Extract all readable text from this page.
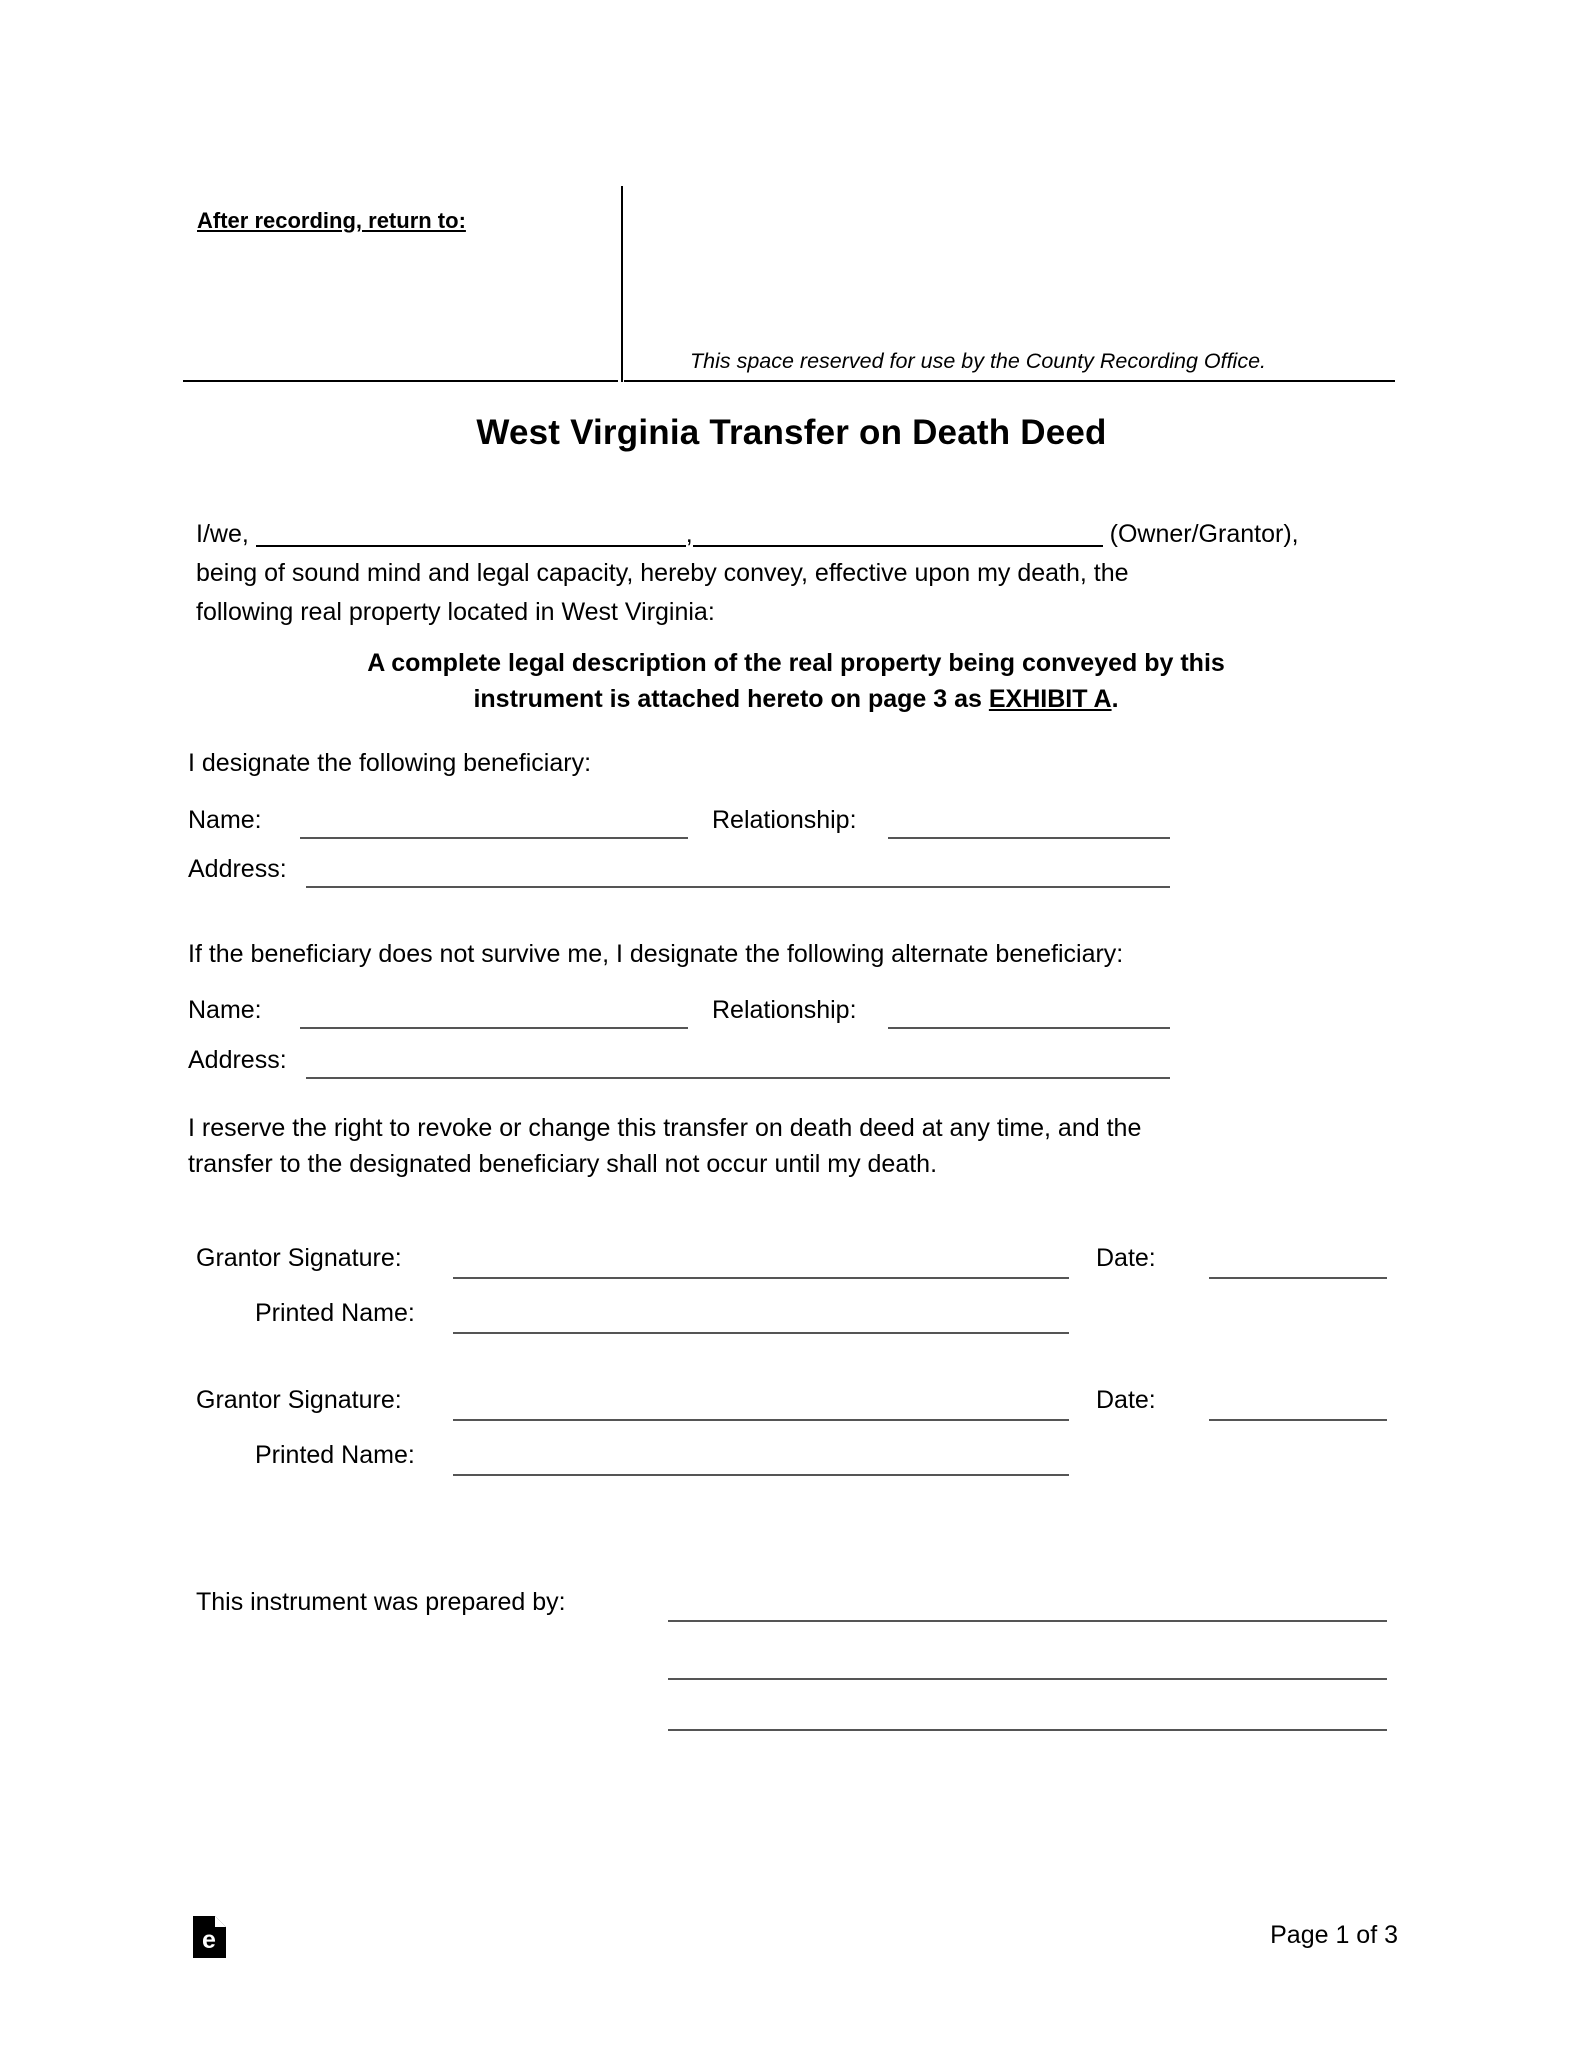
After recording, return to:
This space reserved for use by the County Recording Office.
West Virginia Transfer on Death Deed
I/we,	,	(Owner/Grantor),
being of sound mind and legal capacity, hereby convey, effective upon my death, the
following real property located in West Virginia:
A complete legal description of the real property being conveyed by this
instrument is attached hereto on page 3 as EXHIBIT A.
I designate the following beneficiary:
Name:	Relationship:
Address:
If the beneficiary does not survive me, I designate the following alternate beneficiary:
Name:	Relationship:
Address:
I reserve the right to revoke or change this transfer on death deed at any time, and the
transfer to the designated beneficiary shall not occur until my death.
Grantor Signature:	Date:
Printed Name:
Grantor Signature:	Date:
Printed Name:
This instrument was prepared by:
e	Page 1 of 3
